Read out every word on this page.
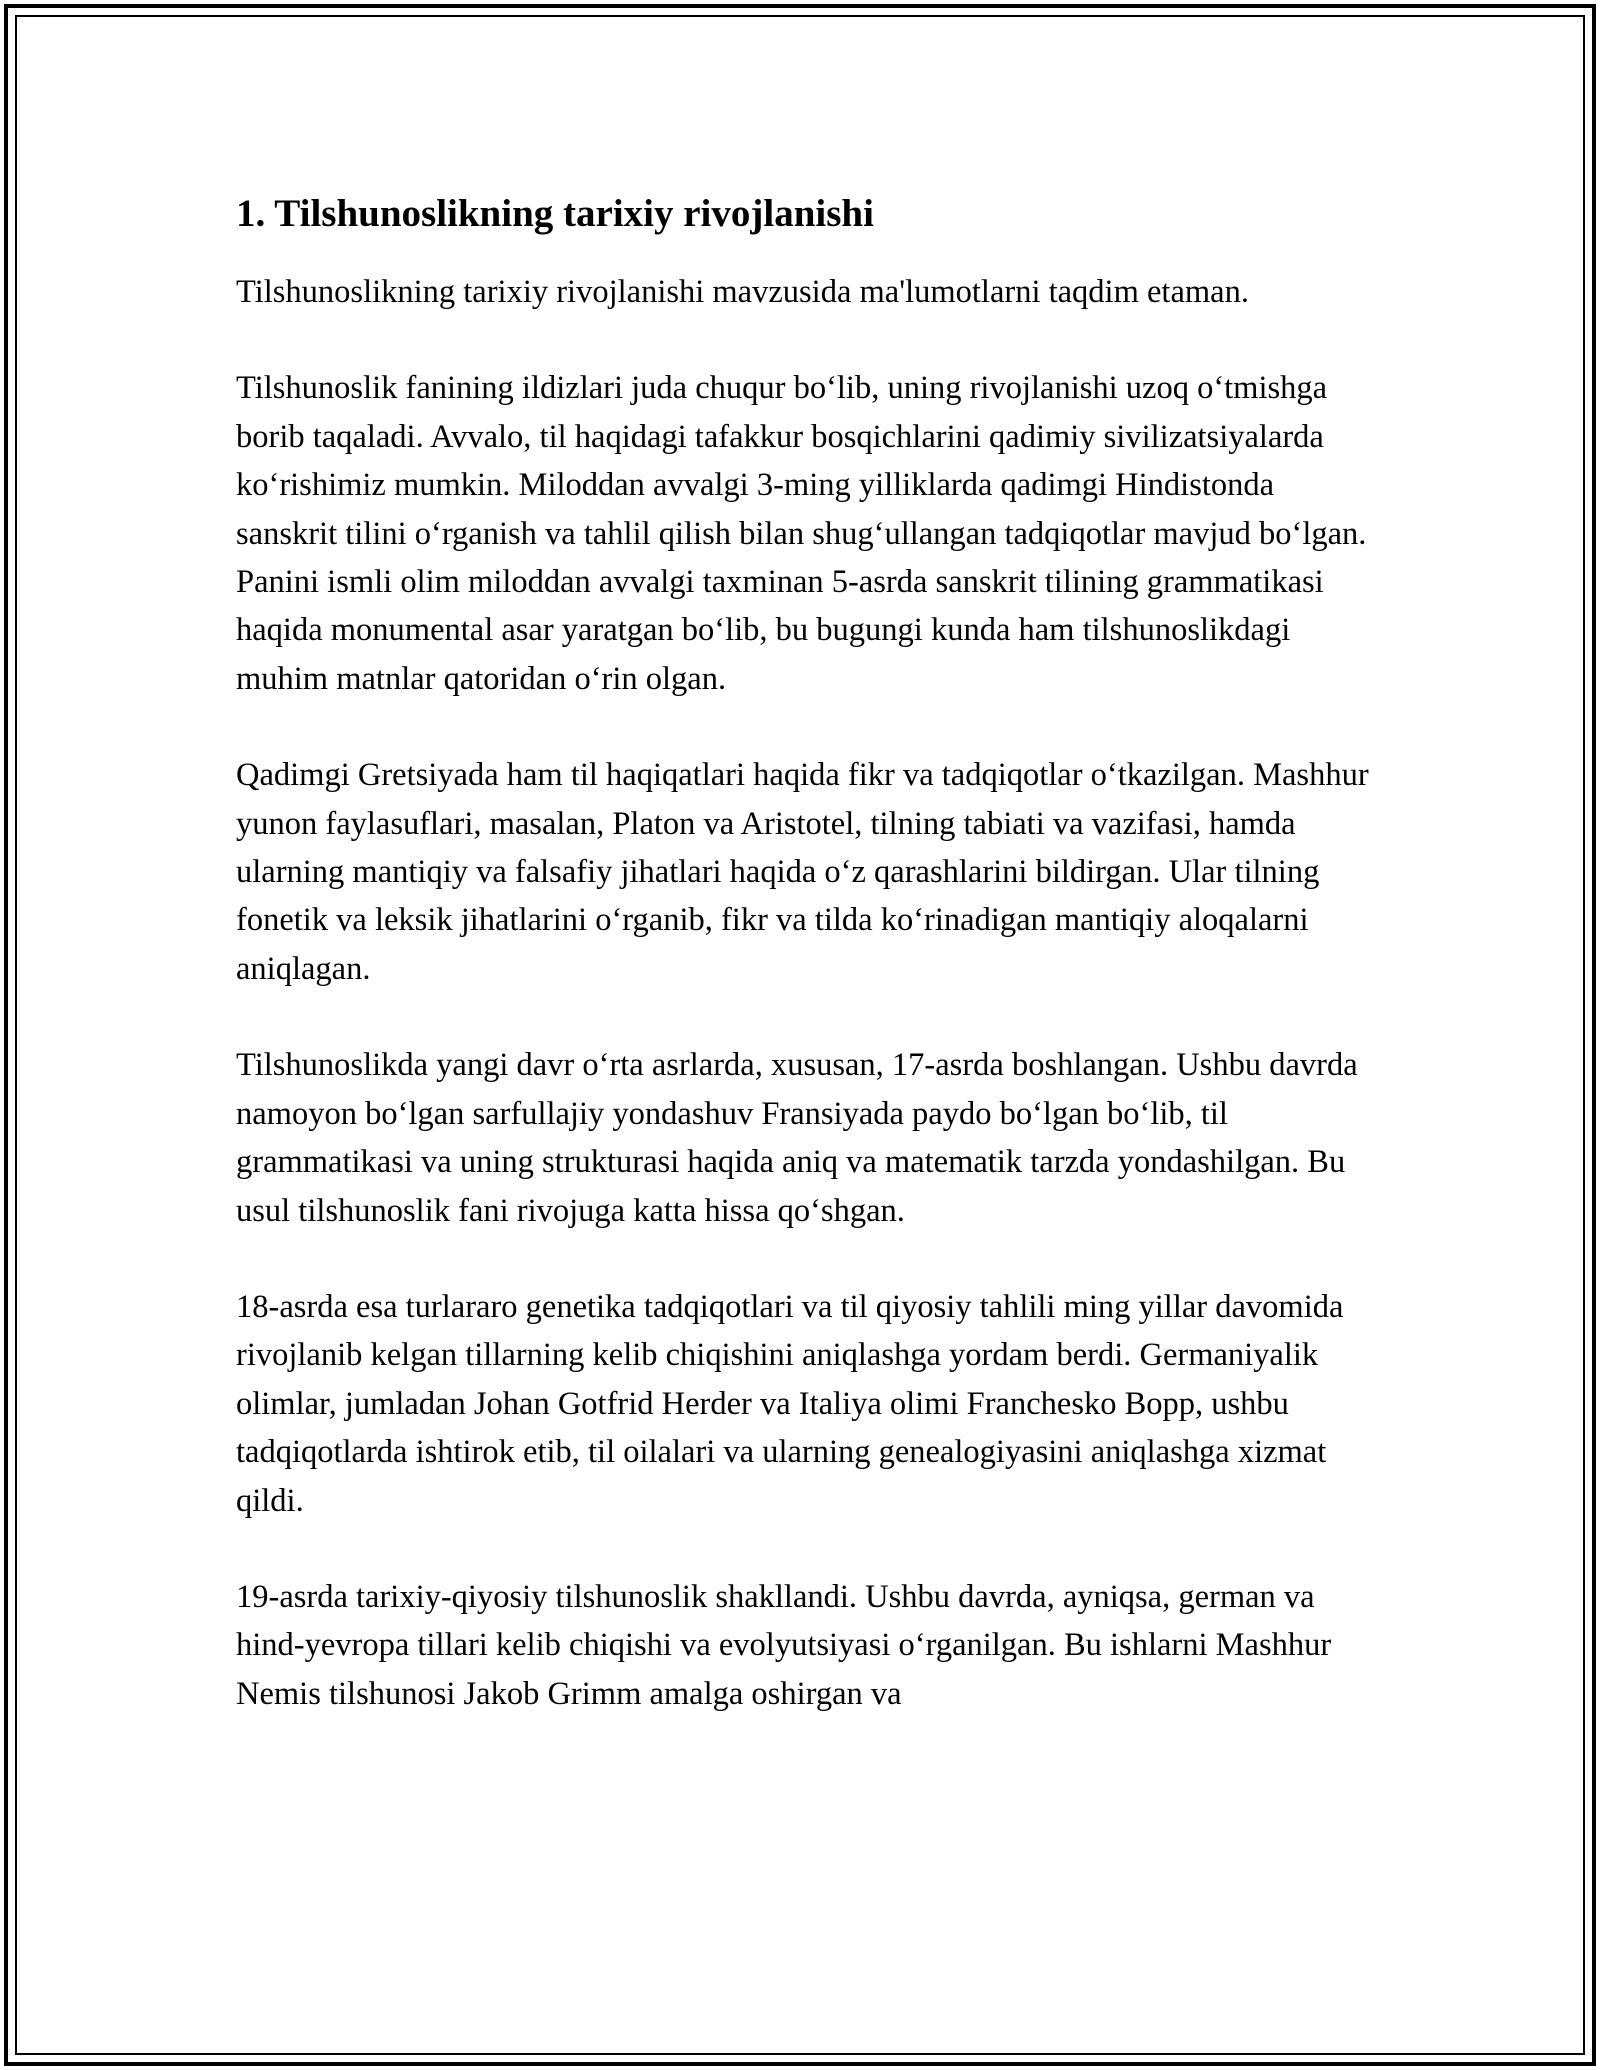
1. Tilshunoslikning tarixiy rivojlanishi

Tilshunoslikning tarixiy rivojlanishi mavzusida ma'lumotlarni taqdim etaman.

Tilshunoslik fanining ildizlari juda chuqur bo‘lib, uning rivojlanishi uzoq o‘tmishga borib taqaladi. Avvalo, til haqidagi tafakkur bosqichlarini qadimiy sivilizatsiyalarda ko‘rishimiz mumkin. Miloddan avvalgi 3-ming yilliklarda qadimgi Hindistonda sanskrit tilini o‘rganish va tahlil qilish bilan shug‘ullangan tadqiqotlar mavjud bo‘lgan. Panini ismli olim miloddan avvalgi taxminan 5-asrda sanskrit tilining grammatikasi haqida monumental asar yaratgan bo‘lib, bu bugungi kunda ham tilshunoslikdagi muhim matnlar qatoridan o‘rin olgan.

Qadimgi Gretsiyada ham til haqiqatlari haqida fikr va tadqiqotlar o‘tkazilgan. Mashhur yunon faylasuflari, masalan, Platon va Aristotel, tilning tabiati va vazifasi, hamda ularning mantiqiy va falsafiy jihatlari haqida o‘z qarashlarini bildirgan. Ular tilning fonetik va leksik jihatlarini o‘rganib, fikr va tilda ko‘rinadigan mantiqiy aloqalarni aniqlagan.

Tilshunoslikda yangi davr o‘rta asrlarda, xususan, 17-asrda boshlangan. Ushbu davrda namoyon bo‘lgan sarfullajiy yondashuv Fransiyada paydo bo‘lgan bo‘lib, til grammatikasi va uning strukturasi haqida aniq va matematik tarzda yondashilgan. Bu usul tilshunoslik fani rivojuga katta hissa qo‘shgan.

18-asrda esa turlararo genetika tadqiqotlari va til qiyosiy tahlili ming yillar davomida rivojlanib kelgan tillarning kelib chiqishini aniqlashga yordam berdi. Germaniyalik olimlar, jumladan Johan Gotfrid Herder va Italiya olimi Franchesko Bopp, ushbu tadqiqotlarda ishtirok etib, til oilalari va ularning genealogiyasini aniqlashga xizmat qildi.

19-asrda tarixiy-qiyosiy tilshunoslik shakllandi. Ushbu davrda, ayniqsa, german va hind-yevropa tillari kelib chiqishi va evolyutsiyasi o‘rganilgan. Bu ishlarni Mashhur Nemis tilshunosi Jakob Grimm amalga oshirgan va
